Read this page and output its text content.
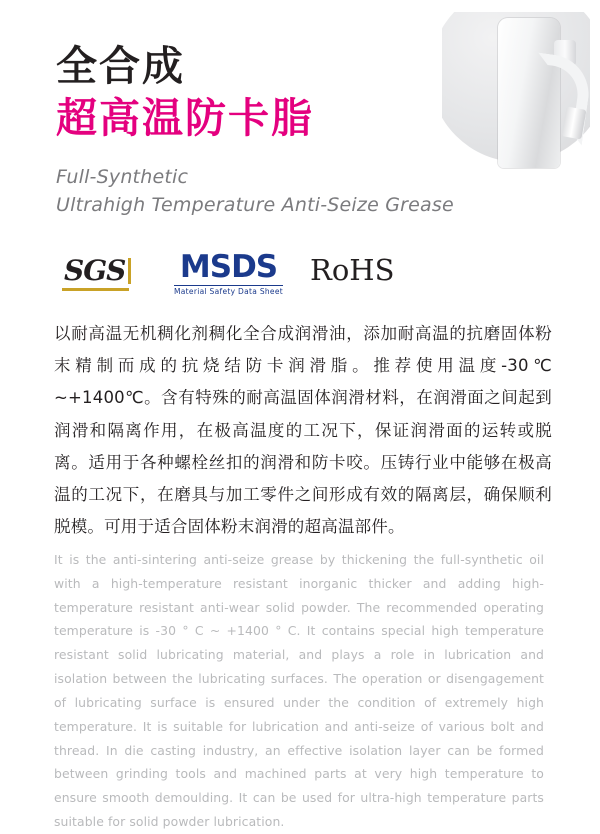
全合成
超高温防卡脂
Full-Synthetic
Ultrahigh Temperature Anti-Seize Grease
SGS MSDS
Material Safety Data Sheet
RoHS
以耐高温无机稠化剂稠化全合成润滑油，添加耐高温的抗磨固体粉末精制而成的抗烧结防卡润滑脂。推荐使用温度-30℃ ~+1400℃。含有特殊的耐高温固体润滑材料，在润滑面之间起到润滑和隔离作用，在极高温度的工况下，保证润滑面的运转或脱离。适用于各种螺栓丝扣的润滑和防卡咬。压铸行业中能够在极高温的工况下，在磨具与加工零件之间形成有效的隔离层，确保顺利脱模。可用于适合固体粉末润滑的超高温部件。
It is the anti-sintering anti-seize grease by thickening the full-synthetic oil with a high-temperature resistant inorganic thicker and adding high-temperature resistant anti-wear solid powder. The recommended operating temperature is -30 ° C ~ +1400 ° C. It contains special high temperature resistant solid lubricating material, and plays a role in lubrication and isolation between the lubricating surfaces. The operation or disengagement of lubricating surface is ensured under the condition of extremely high temperature. It is suitable for lubrication and anti-seize of various bolt and thread. In die casting industry, an effective isolation layer can be formed between grinding tools and machined parts at very high temperature to ensure smooth demoulding. It can be used for ultra-high temperature parts suitable for solid powder lubrication.
